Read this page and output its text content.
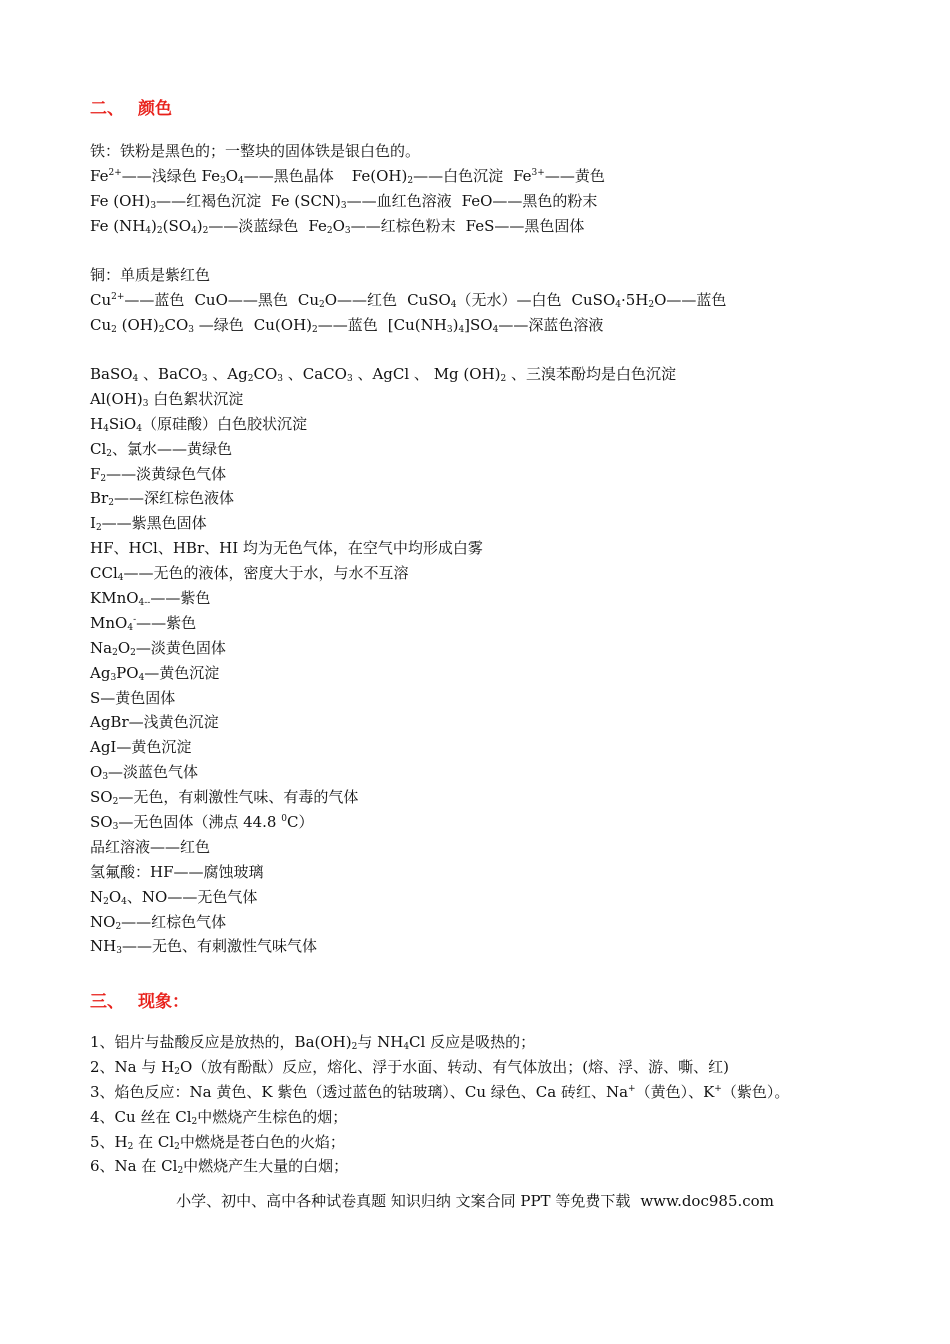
二、 颜色
铁：铁粉是黑色的；一整块的固体铁是银白色的。
$Fe^{2+}——$浅绿色 $Fe_3O_4——$黑色晶体 $Fe(OH)_2——$白色沉淀 $Fe^{3+}——$黄色
Fe $(OH)_3——$红褐色沉淀 Fe $(SCN)_3——$血红色溶液 FeO——黑色的粉末
Fe $(NH_4)_2(SO_4)_2——$淡蓝绿色 $Fe_2O_3——$红棕色粉末 FeS——黑色固体
铜：单质是紫红色
$Cu^{2+}——$蓝色 CuO——黑色 $Cu_2O——$红色 CuSO$_4$（无水）—白色 $CuSO_4\cdot 5H_2O——$蓝色
$Cu_2$ $(OH)_2CO_3$ —绿色 $Cu(OH)_2——$蓝色 $[Cu(NH_3)_4]SO_4——$深蓝色溶液
BaSO$_4$ 、BaCO$_3$ 、$Ag_2CO_3$ 、CaCO$_3$ 、AgCl 、 Mg $(OH)_2$ 、三溴苯酚均是白色沉淀
$Al(OH)_3$ 白色絮状沉淀
$H_4SiO_4$（原硅酸）白色胶状沉淀
$Cl_2$、氯水——黄绿色
$F_2——$淡黄绿色气体
$Br_2——$深红棕色液体
$I_2——$紫黑色固体
HF、HCl、HBr、HI 均为无色气体，在空气中均形成白雾
CCl$_4$——无色的液体，密度大于水，与水不互溶
KMnO$_{4--}$——紫色
MnO$_4$-——紫色
$Na_2O_2—$淡黄色固体
$Ag_3PO_4—$黄色沉淀
S—黄色固体
AgBr—浅黄色沉淀
AgI—黄色沉淀
$O_3—$淡蓝色气体
$SO_2—$无色，有刺激性气味、有毒的气体
$SO_3—$无色固体（沸点 44.8 $^0$C）
品红溶液——红色
氢氟酸：HF——腐蚀玻璃
$N_2O_4$、NO——无色气体
$NO_2——$红棕色气体
$NH_3——$无色、有刺激性气味气体
三、 现象：
1、铝片与盐酸反应是放热的，$Ba(OH)_2$与 $NH_4Cl$ 反应是吸热的；
2、Na 与 $H_2O$（放有酚酞）反应，熔化、浮于水面、转动、有气体放出；(熔、浮、游、嘶、红)
3、焰色反应：Na 黄色、K 紫色（透过蓝色的钴玻璃）、Cu 绿色、Ca 砖红、Na+（黄色）、K+（紫色）。
4、Cu 丝在 $Cl_2$中燃烧产生棕色的烟；
5、$H_2$ 在 $Cl_2$中燃烧是苍白色的火焰；
6、Na 在 $Cl_2$中燃烧产生大量的白烟；
小学、初中、高中各种试卷真题 知识归纳 文案合同 PPT 等免费下载 www.doc985.com
